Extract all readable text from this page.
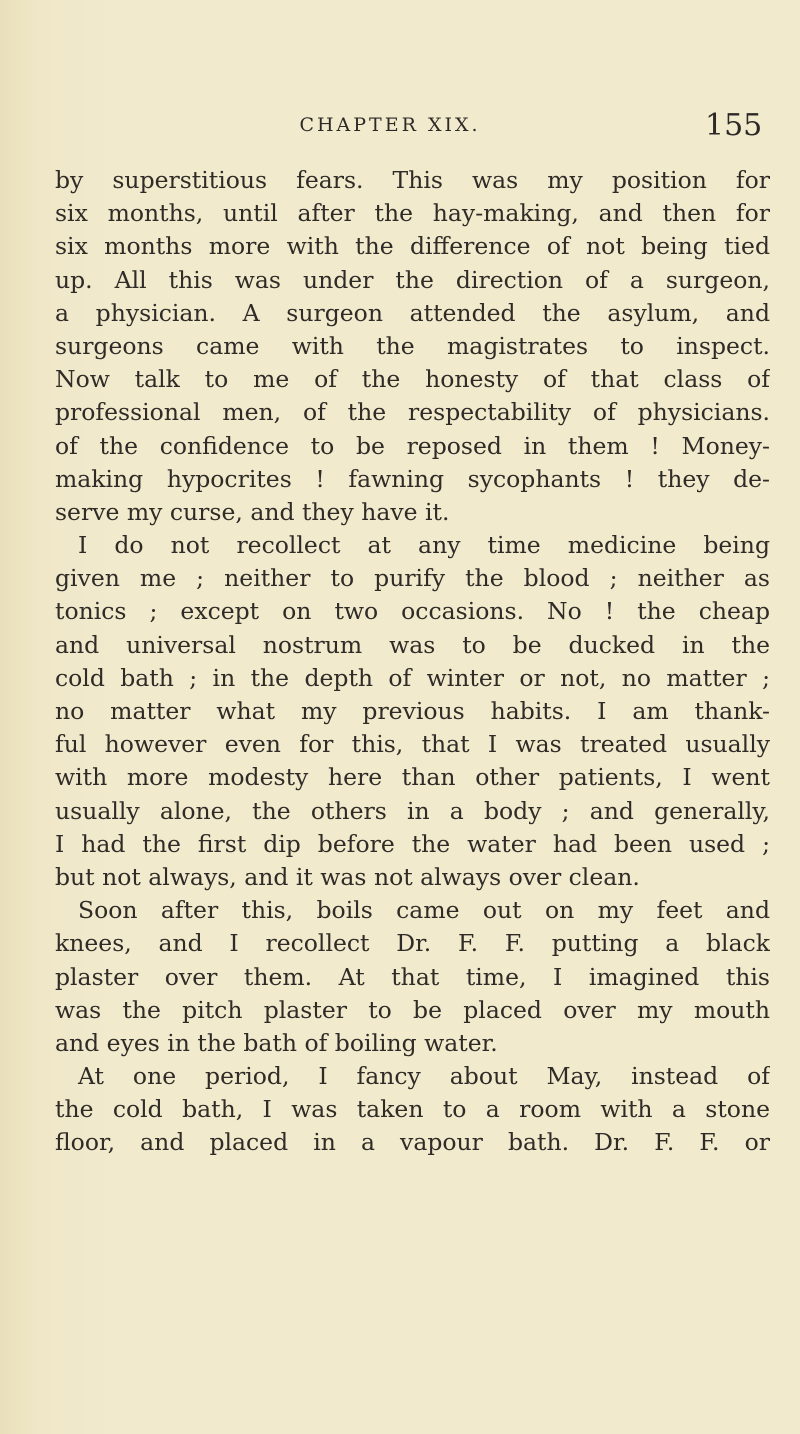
CHAPTER XIX.	155
by superstitious fears. This was my position for
six months, until after the hay-making, and then for
six months more with the difference of not being tied
up. All this was under the direction of a surgeon,
a physician. A surgeon attended the asylum, and
surgeons came with the magistrates to inspect.
Now talk to me of the honesty of that class of
professional men, of the respectability of physicians.
of the confidence to be reposed in them ! Money-
making hypocrites ! fawning sycophants ! they de-
serve my curse, and they have it.
I do not recollect at any time medicine being
given me ; neither to purify the blood ; neither as
tonics ; except on two occasions. No ! the cheap
and universal nostrum was to be ducked in the
cold bath ; in the depth of winter or not, no matter ;
no matter what my previous habits. I am thank-
ful however even for this, that I was treated usually
with more modesty here than other patients, I went
usually alone, the others in a body ; and generally,
I had the first dip before the water had been used ;
but not always, and it was not always over clean.
Soon after this, boils came out on my feet and
knees, and I recollect Dr. F. F. putting a black
plaster over them. At that time, I imagined this
was the pitch plaster to be placed over my mouth
and eyes in the bath of boiling water.
At one period, I fancy about May, instead of
the cold bath, I was taken to a room with a stone
floor, and placed in a vapour bath. Dr. F. F. or
